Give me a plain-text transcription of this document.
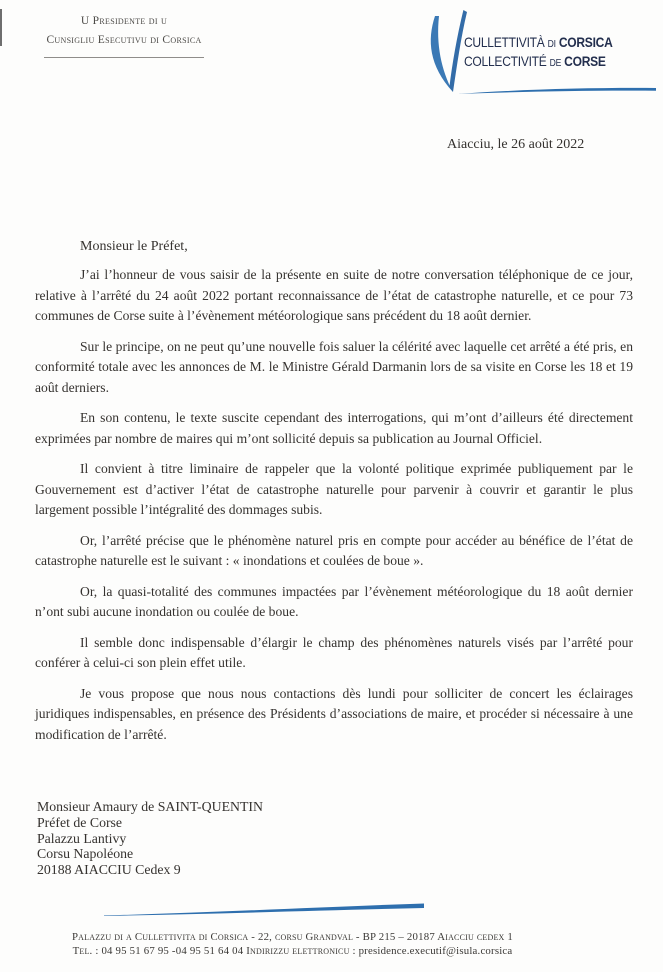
U Presidente di u
Cunsigliu Esecutivu di Corsica	CULLETTIVITÀ DI CORSICA
COLLECTIVITÉ DE CORSE
Aiacciu, le 26 août 2022
Monsieur le Préfet,

J’ai l’honneur de vous saisir de la présente en suite de notre conversation téléphonique de ce jour, relative à l’arrêté du 24 août 2022 portant reconnaissance de l’état de catastrophe naturelle, et ce pour 73 communes de Corse suite à l’évènement météorologique sans précédent du 18 août dernier.

Sur le principe, on ne peut qu’une nouvelle fois saluer la célérité avec laquelle cet arrêté a été pris, en conformité totale avec les annonces de M. le Ministre Gérald Darmanin lors de sa visite en Corse les 18 et 19 août derniers.

En son contenu, le texte suscite cependant des interrogations, qui m’ont d’ailleurs été directement exprimées par nombre de maires qui m’ont sollicité depuis sa publication au Journal Officiel.

Il convient à titre liminaire de rappeler que la volonté politique exprimée publiquement par le Gouvernement est d’activer l’état de catastrophe naturelle pour parvenir à couvrir et garantir le plus largement possible l’intégralité des dommages subis.

Or, l’arrêté précise que le phénomène naturel pris en compte pour accéder au bénéfice de l’état de catastrophe naturelle est le suivant : « inondations et coulées de boue ».

Or, la quasi-totalité des communes impactées par l’évènement météorologique du 18 août dernier n’ont subi aucune inondation ou coulée de boue.

Il semble donc indispensable d’élargir le champ des phénomènes naturels visés par l’arrêté pour conférer à celui-ci son plein effet utile.

Je vous propose que nous nous contactions dès lundi pour solliciter de concert les éclairages juridiques indispensables, en présence des Présidents d’associations de maire, et procéder si nécessaire à une modification de l’arrêté.

Monsieur Amaury de SAINT-QUENTIN
Préfet de Corse
Palazzu Lantivy
Corsu Napoléone
20188 AIACCIU Cedex 9
Palazzu di a Cullettivita di Corsica - 22, corsu Grandval - BP 215 – 20187 Aiacciu cedex 1
Tel. : 04 95 51 67 95 -04 95 51 64 04 Indirizzu elettronicu : presidence.executif@isula.corsica
